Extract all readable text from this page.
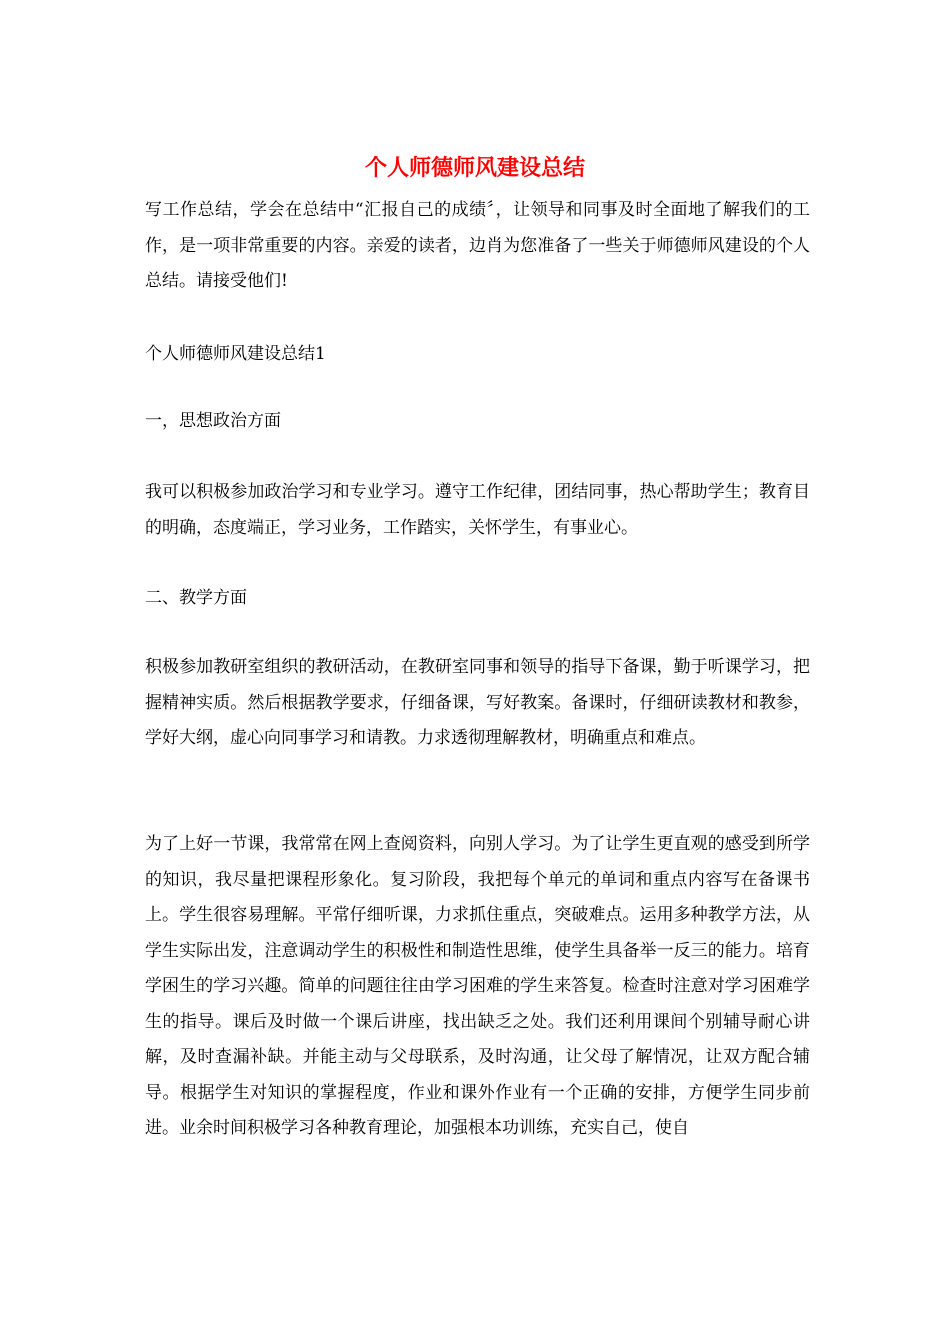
个人师德师风建设总结

写工作总结，学会在总结中“汇报自己的成绩〞，让领导和同事及时全面地了解我们的工作，是一项非常重要的内容。亲爱的读者，边肖为您准备了一些关于师德师风建设的个人总结。请接受他们!

个人师德师风建设总结1

一，思想政治方面

我可以积极参加政治学习和专业学习。遵守工作纪律，团结同事，热心帮助学生；教育目的明确，态度端正，学习业务，工作踏实，关怀学生，有事业心。

二、教学方面

积极参加教研室组织的教研活动，在教研室同事和领导的指导下备课，勤于听课学习，把握精神实质。然后根据教学要求，仔细备课，写好教案。备课时，仔细研读教材和教参，学好大纲，虚心向同事学习和请教。力求透彻理解教材，明确重点和难点。

为了上好一节课，我常常在网上查阅资料，向别人学习。为了让学生更直观的感受到所学的知识，我尽量把课程形象化。复习阶段，我把每个单元的单词和重点内容写在备课书上。学生很容易理解。平常仔细听课，力求抓住重点，突破难点。运用多种教学方法，从学生实际出发，注意调动学生的积极性和制造性思维，使学生具备举一反三的能力。培育学困生的学习兴趣。简单的问题往往由学习困难的学生来答复。检查时注意对学习困难学生的指导。课后及时做一个课后讲座，找出缺乏之处。我们还利用课间个别辅导耐心讲解，及时查漏补缺。并能主动与父母联系，及时沟通，让父母了解情况，让双方配合辅导。根据学生对知识的掌握程度，作业和课外作业有一个正确的安排，方便学生同步前进。业余时间积极学习各种教育理论，加强根本功训练，充实自己，使自
